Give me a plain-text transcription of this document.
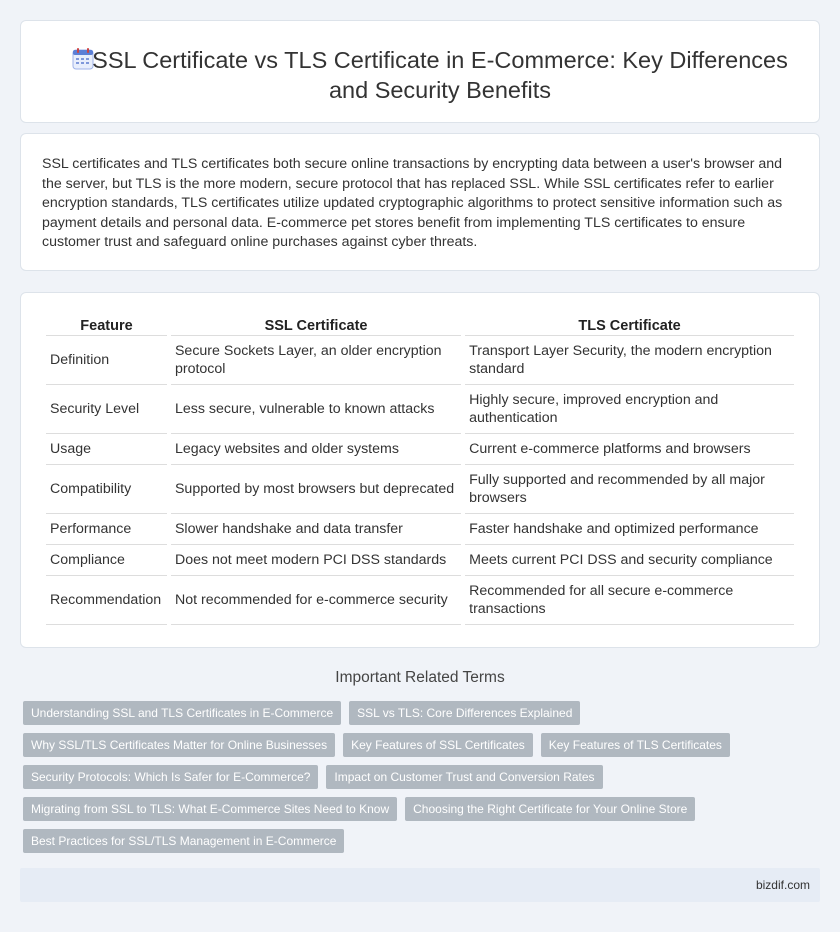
SSL Certificate vs TLS Certificate in E-Commerce: Key Differences and Security Benefits

SSL certificates and TLS certificates both secure online transactions by encrypting data between a user's browser and the server, but TLS is the more modern, secure protocol that has replaced SSL. While SSL certificates refer to earlier encryption standards, TLS certificates utilize updated cryptographic algorithms to protect sensitive information such as payment details and personal data. E-commerce pet stores benefit from implementing TLS certificates to ensure customer trust and safeguard online purchases against cyber threats.

Feature	SSL Certificate	TLS Certificate
Definition	Secure Sockets Layer, an older encryption protocol	Transport Layer Security, the modern encryption standard
Security Level	Less secure, vulnerable to known attacks	Highly secure, improved encryption and authentication
Usage	Legacy websites and older systems	Current e-commerce platforms and browsers
Compatibility	Supported by most browsers but deprecated	Fully supported and recommended by all major browsers
Performance	Slower handshake and data transfer	Faster handshake and optimized performance
Compliance	Does not meet modern PCI DSS standards	Meets current PCI DSS and security compliance
Recommendation	Not recommended for e-commerce security	Recommended for all secure e-commerce transactions
Important Related Terms
Understanding SSL and TLS Certificates in E-Commerce	SSL vs TLS: Core Differences Explained
Why SSL/TLS Certificates Matter for Online Businesses	Key Features of SSL Certificates	Key Features of TLS Certificates
Security Protocols: Which Is Safer for E-Commerce?	Impact on Customer Trust and Conversion Rates
Migrating from SSL to TLS: What E-Commerce Sites Need to Know	Choosing the Right Certificate for Your Online Store
Best Practices for SSL/TLS Management in E-Commerce
bizdif.com
